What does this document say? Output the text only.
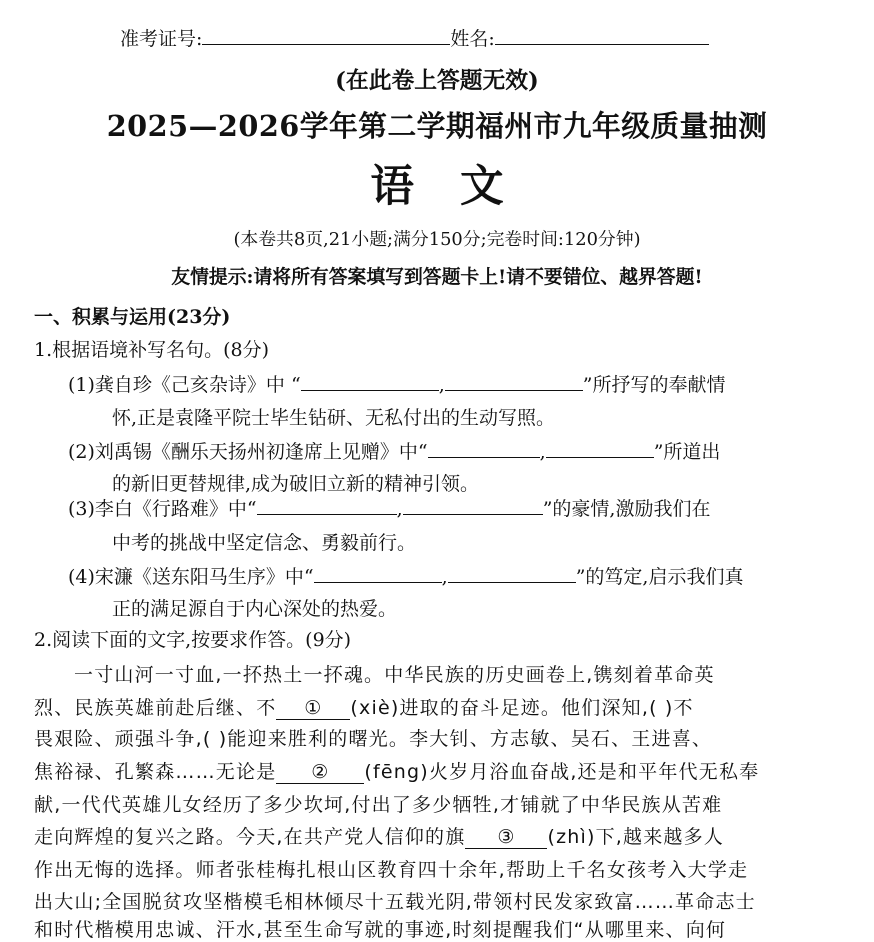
准考证号:	姓名:
(在此卷上答题无效)
2025—2026学年第二学期福州市九年级质量抽测
语文
(本卷共8页,21小题;满分150分;完卷时间:120分钟)
友情提示:请将所有答案填写到答题卡上!请不要错位、越界答题!
一、积累与运用(23分)
1.根据语境补写名句。(8分)
(1)龚自珍《己亥杂诗》中 “	,	”所抒写的奉献情
怀,正是袁隆平院士毕生钻研、无私付出的生动写照。
(2)刘禹锡《酬乐天扬州初逢席上见赠》中“	,	”所道出
的新旧更替规律,成为破旧立新的精神引领。
(3)李白《行路难》中“	,	”的豪情,激励我们在
中考的挑战中坚定信念、勇毅前行。
(4)宋濂《送东阳马生序》中“	,	”的笃定,启示我们真
正的满足源自于内心深处的热爱。
2.阅读下面的文字,按要求作答。(9分)
一寸山河一寸血,一抔热土一抔魂。中华民族的历史画卷上,镌刻着革命英
烈、民族英雄前赴后继、不 ① (xiè)进取的奋斗足迹。他们深知,( )不
畏艰险、顽强斗争,( )能迎来胜利的曙光。李大钊、方志敏、吴石、王进喜、
焦裕禄、孔繁森……无论是 ② (fēng)火岁月浴血奋战,还是和平年代无私奉
献,一代代英雄儿女经历了多少坎坷,付出了多少牺牲,才铺就了中华民族从苦难
走向辉煌的复兴之路。今天,在共产党人信仰的旗 ③ (zhì)下,越来越多人
作出无悔的选择。师者张桂梅扎根山区教育四十余年,帮助上千名女孩考入大学走
出大山;全国脱贫攻坚楷模毛相林倾尽十五载光阴,带领村民发家致富……革命志士
和时代楷模用忠诚、汗水,甚至生命写就的事迹,时刻提醒我们“从哪里来、向何
